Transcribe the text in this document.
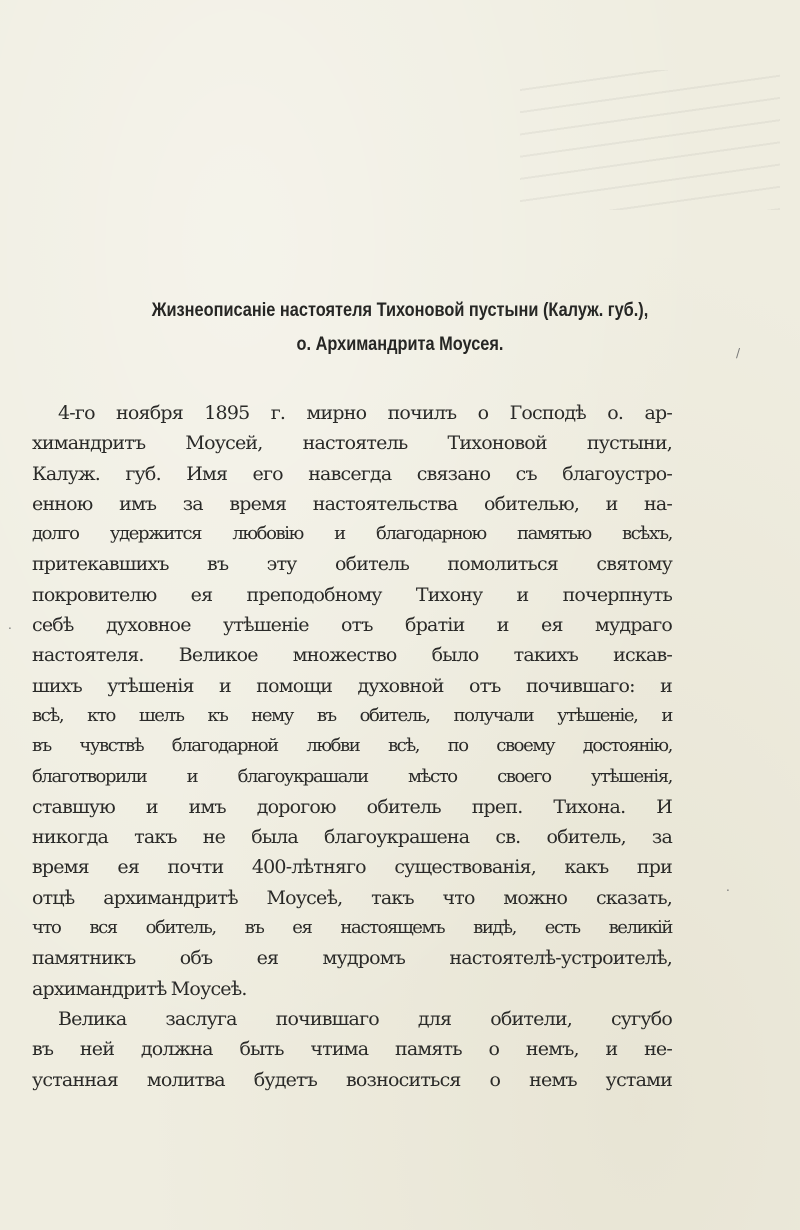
Жизнеописаніе настоятеля Тихоновой пустыни (Калуж. губ.),
о. Архимандрита Моусея.
4-го ноября 1895 г. мирно почилъ о Господѣ о. ар-
химандритъ Моусей, настоятель Тихоновой пустыни,
Калуж. губ. Имя его навсегда связано съ благоустро-
енною имъ за время настоятельства обителью, и на-
долго удержится любовію и благодарною памятью всѣхъ,
притекавшихъ въ эту обитель помолиться святому
покровителю ея преподобному Тихону и почерпнуть
себѣ духовное утѣшеніе отъ братіи и ея мудраго
настоятеля. Великое множество было такихъ искав-
шихъ утѣшенія и помощи духовной отъ почившаго: и
всѣ, кто шелъ къ нему въ обитель, получали утѣшеніе, и
въ чувствѣ благодарной любви всѣ, по своему достоянію,
благотворили и благоукрашали мѣсто своего утѣшенія,
ставшую и имъ дорогою обитель преп. Тихона. И
никогда такъ не была благоукрашена св. обитель, за
время ея почти 400-лѣтняго существованія, какъ при
отцѣ архимандритѣ Моусеѣ, такъ что можно сказать,
что вся обитель, въ ея настоящемъ видѣ, есть великій
памятникъ объ ея мудромъ настоятелѣ-устроителѣ,
архимандритѣ Моусеѣ.
Велика заслуга почившаго для обители, сугубо
въ ней должна быть чтима память о немъ, и не-
устанная молитва будетъ возноситься о немъ устами
.
.
/
